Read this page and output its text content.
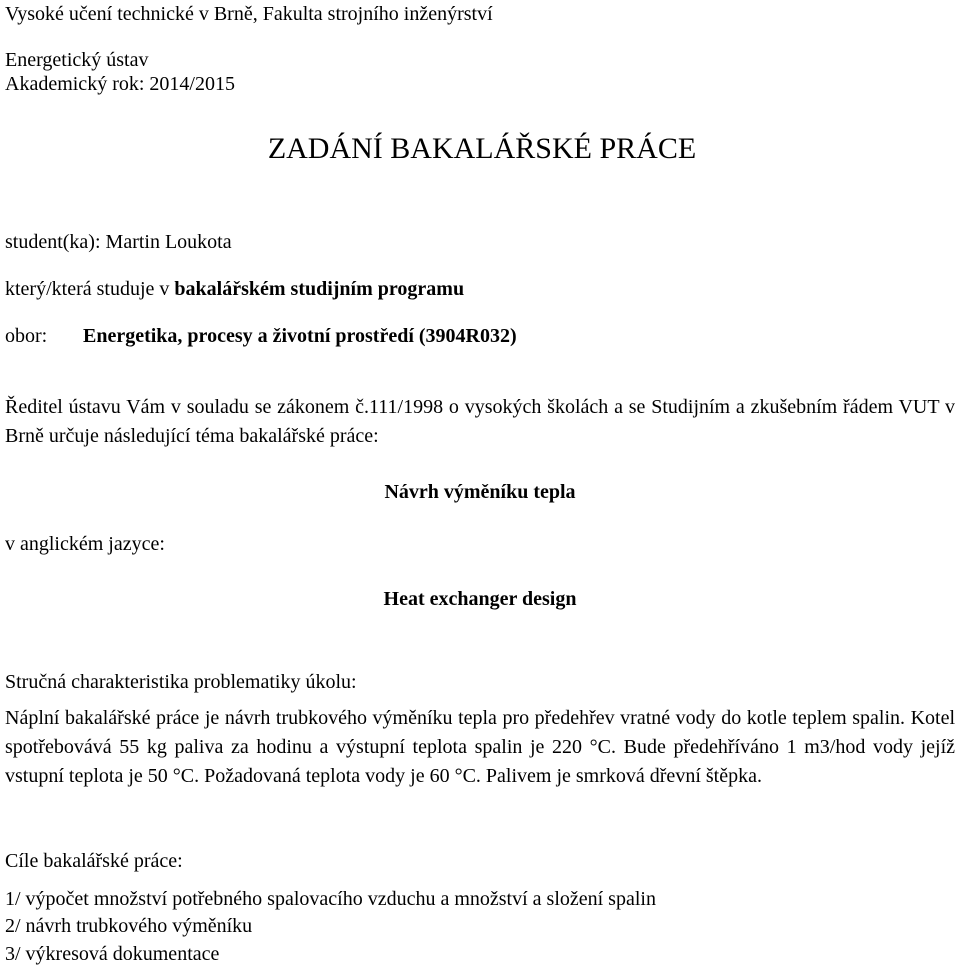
Vysoké učení technické v Brně, Fakulta strojního inženýrství
Energetický ústav
Akademický rok: 2014/2015
ZADÁNÍ BAKALÁŘSKÉ PRÁCE
student(ka): Martin Loukota
který/která studuje v bakalářském studijním programu
obor: Energetika, procesy a životní prostředí (3904R032)
Ředitel ústavu Vám v souladu se zákonem č.111/1998 o vysokých školách a se Studijním a zkušebním řádem VUT v Brně určuje následující téma bakalářské práce:
Návrh výměníku tepla
v anglickém jazyce:
Heat exchanger design
Stručná charakteristika problematiky úkolu:
Náplní bakalářské práce je návrh trubkového výměníku tepla pro předehřev vratné vody do kotle teplem spalin. Kotel spotřebovává 55 kg paliva za hodinu a výstupní teplota spalin je 220 °C. Bude předehříváno 1 m3/hod vody jejíž vstupní teplota je 50 °C. Požadovaná teplota vody je 60 °C. Palivem je smrková dřevní štěpka.
Cíle bakalářské práce:
1/ výpočet množství potřebného spalovacího vzduchu a množství a složení spalin
2/ návrh trubkového výměníku
3/ výkresová dokumentace
